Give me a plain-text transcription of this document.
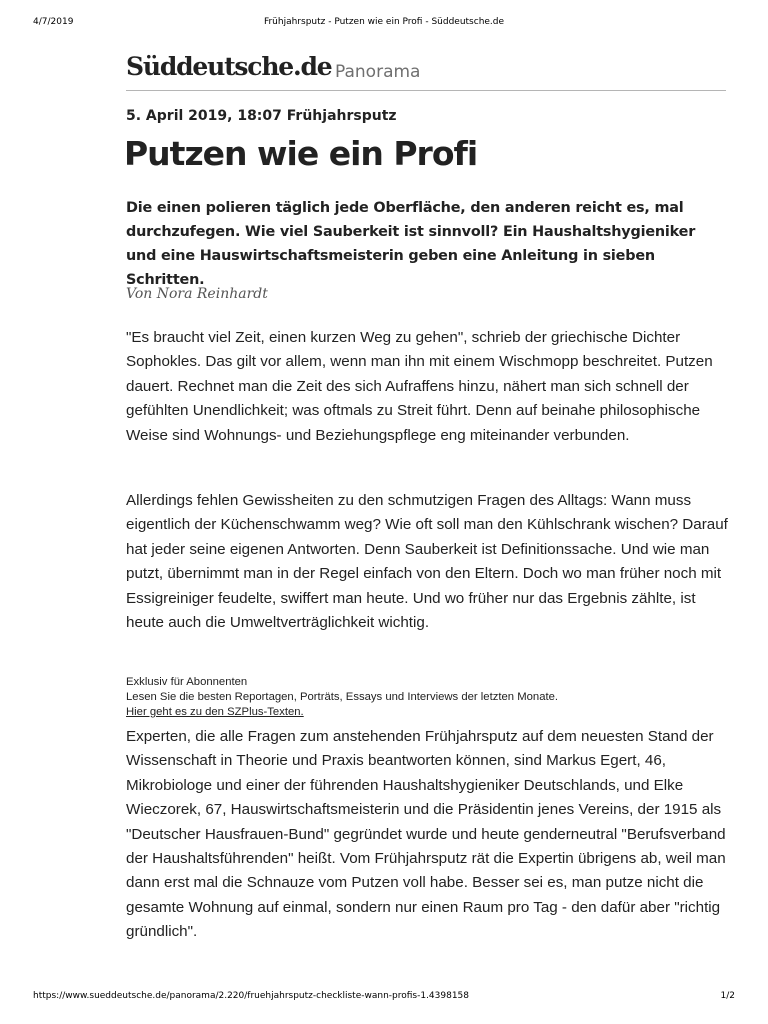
4/7/2019	Frühjahrsputz - Putzen wie ein Profi - Süddeutsche.de
Süddeutsche.de Panorama
5. April 2019, 18:07 Frühjahrsputz
Putzen wie ein Profi

Die einen polieren täglich jede Oberfläche, den anderen reicht es, mal durchzufegen. Wie viel Sauberkeit ist sinnvoll? Ein Haushaltshygieniker und eine Hauswirtschaftsmeisterin geben eine Anleitung in sieben Schritten.

Von Nora Reinhardt

"Es braucht viel Zeit, einen kurzen Weg zu gehen", schrieb der griechische Dichter Sophokles. Das gilt vor allem, wenn man ihn mit einem Wischmopp beschreitet. Putzen dauert. Rechnet man die Zeit des sich Aufraffens hinzu, nähert man sich schnell der gefühlten Unendlichkeit; was oftmals zu Streit führt. Denn auf beinahe philosophische Weise sind Wohnungs- und Beziehungspflege eng miteinander verbunden.

Allerdings fehlen Gewissheiten zu den schmutzigen Fragen des Alltags: Wann muss eigentlich der Küchenschwamm weg? Wie oft soll man den Kühlschrank wischen? Darauf hat jeder seine eigenen Antworten. Denn Sauberkeit ist Definitionssache. Und wie man putzt, übernimmt man in der Regel einfach von den Eltern. Doch wo man früher noch mit Essigreiniger feudelte, swiffert man heute. Und wo früher nur das Ergebnis zählte, ist heute auch die Umweltverträglichkeit wichtig.

Exklusiv für Abonnenten
Lesen Sie die besten Reportagen, Porträts, Essays und Interviews der letzten Monate.
Hier geht es zu den SZPlus-Texten.

Experten, die alle Fragen zum anstehenden Frühjahrsputz auf dem neuesten Stand der Wissenschaft in Theorie und Praxis beantworten können, sind Markus Egert, 46, Mikrobiologe und einer der führenden Haushaltshygieniker Deutschlands, und Elke Wieczorek, 67, Hauswirtschaftsmeisterin und die Präsidentin jenes Vereins, der 1915 als "Deutscher Hausfrauen-Bund" gegründet wurde und heute genderneutral "Berufsverband der Haushaltsführenden" heißt. Vom Frühjahrsputz rät die Expertin übrigens ab, weil man dann erst mal die Schnauze vom Putzen voll habe. Besser sei es, man putze nicht die gesamte Wohnung auf einmal, sondern nur einen Raum pro Tag - den dafür aber "richtig gründlich".

https://www.sueddeutsche.de/panorama/2.220/fruehjahrsputz-checkliste-wann-profis-1.4398158	1/2
